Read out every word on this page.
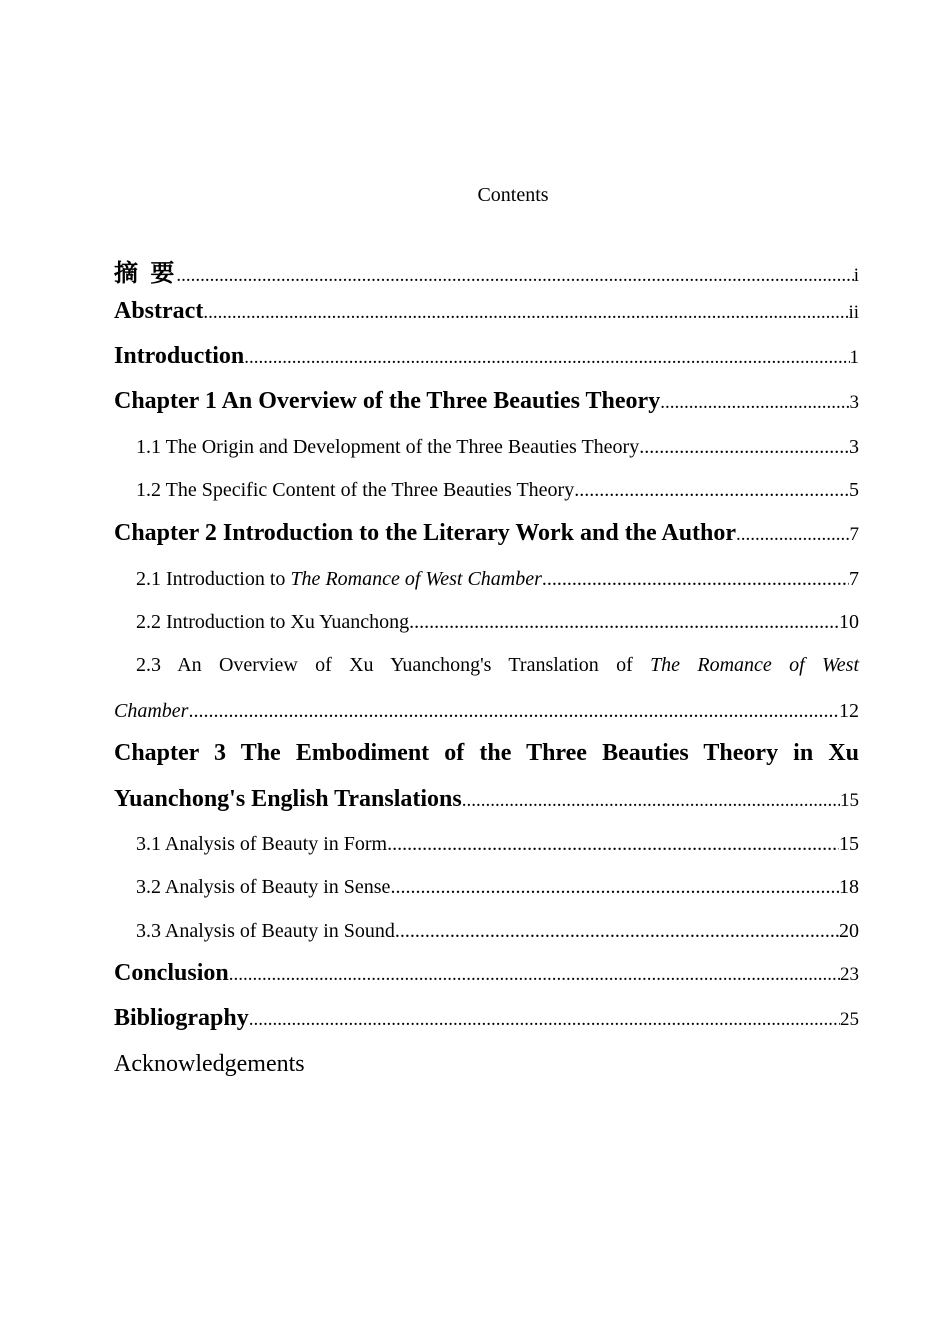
Contents
摘 要 .....	i
Abstract .....	ii
Introduction .....	1
Chapter 1 An Overview of the Three Beauties Theory .....	3
1.1 The Origin and Development of the Three Beauties Theory .....	3
1.2 The Specific Content of the Three Beauties Theory .....	5
Chapter 2 Introduction to the Literary Work and the Author .....	7
2.1 Introduction to The Romance of West Chamber .....	7
2.2 Introduction to Xu Yuanchong .....	10
2.3 An Overview of Xu Yuanchong's Translation of The Romance of West
Chamber .....	12
Chapter 3 The Embodiment of the Three Beauties Theory in Xu
Yuanchong's English Translations .....	15
3.1 Analysis of Beauty in Form .....	15
3.2 Analysis of Beauty in Sense .....	18
3.3 Analysis of Beauty in Sound .....	20
Conclusion .....	23
Bibliography .....	25
Acknowledgements
